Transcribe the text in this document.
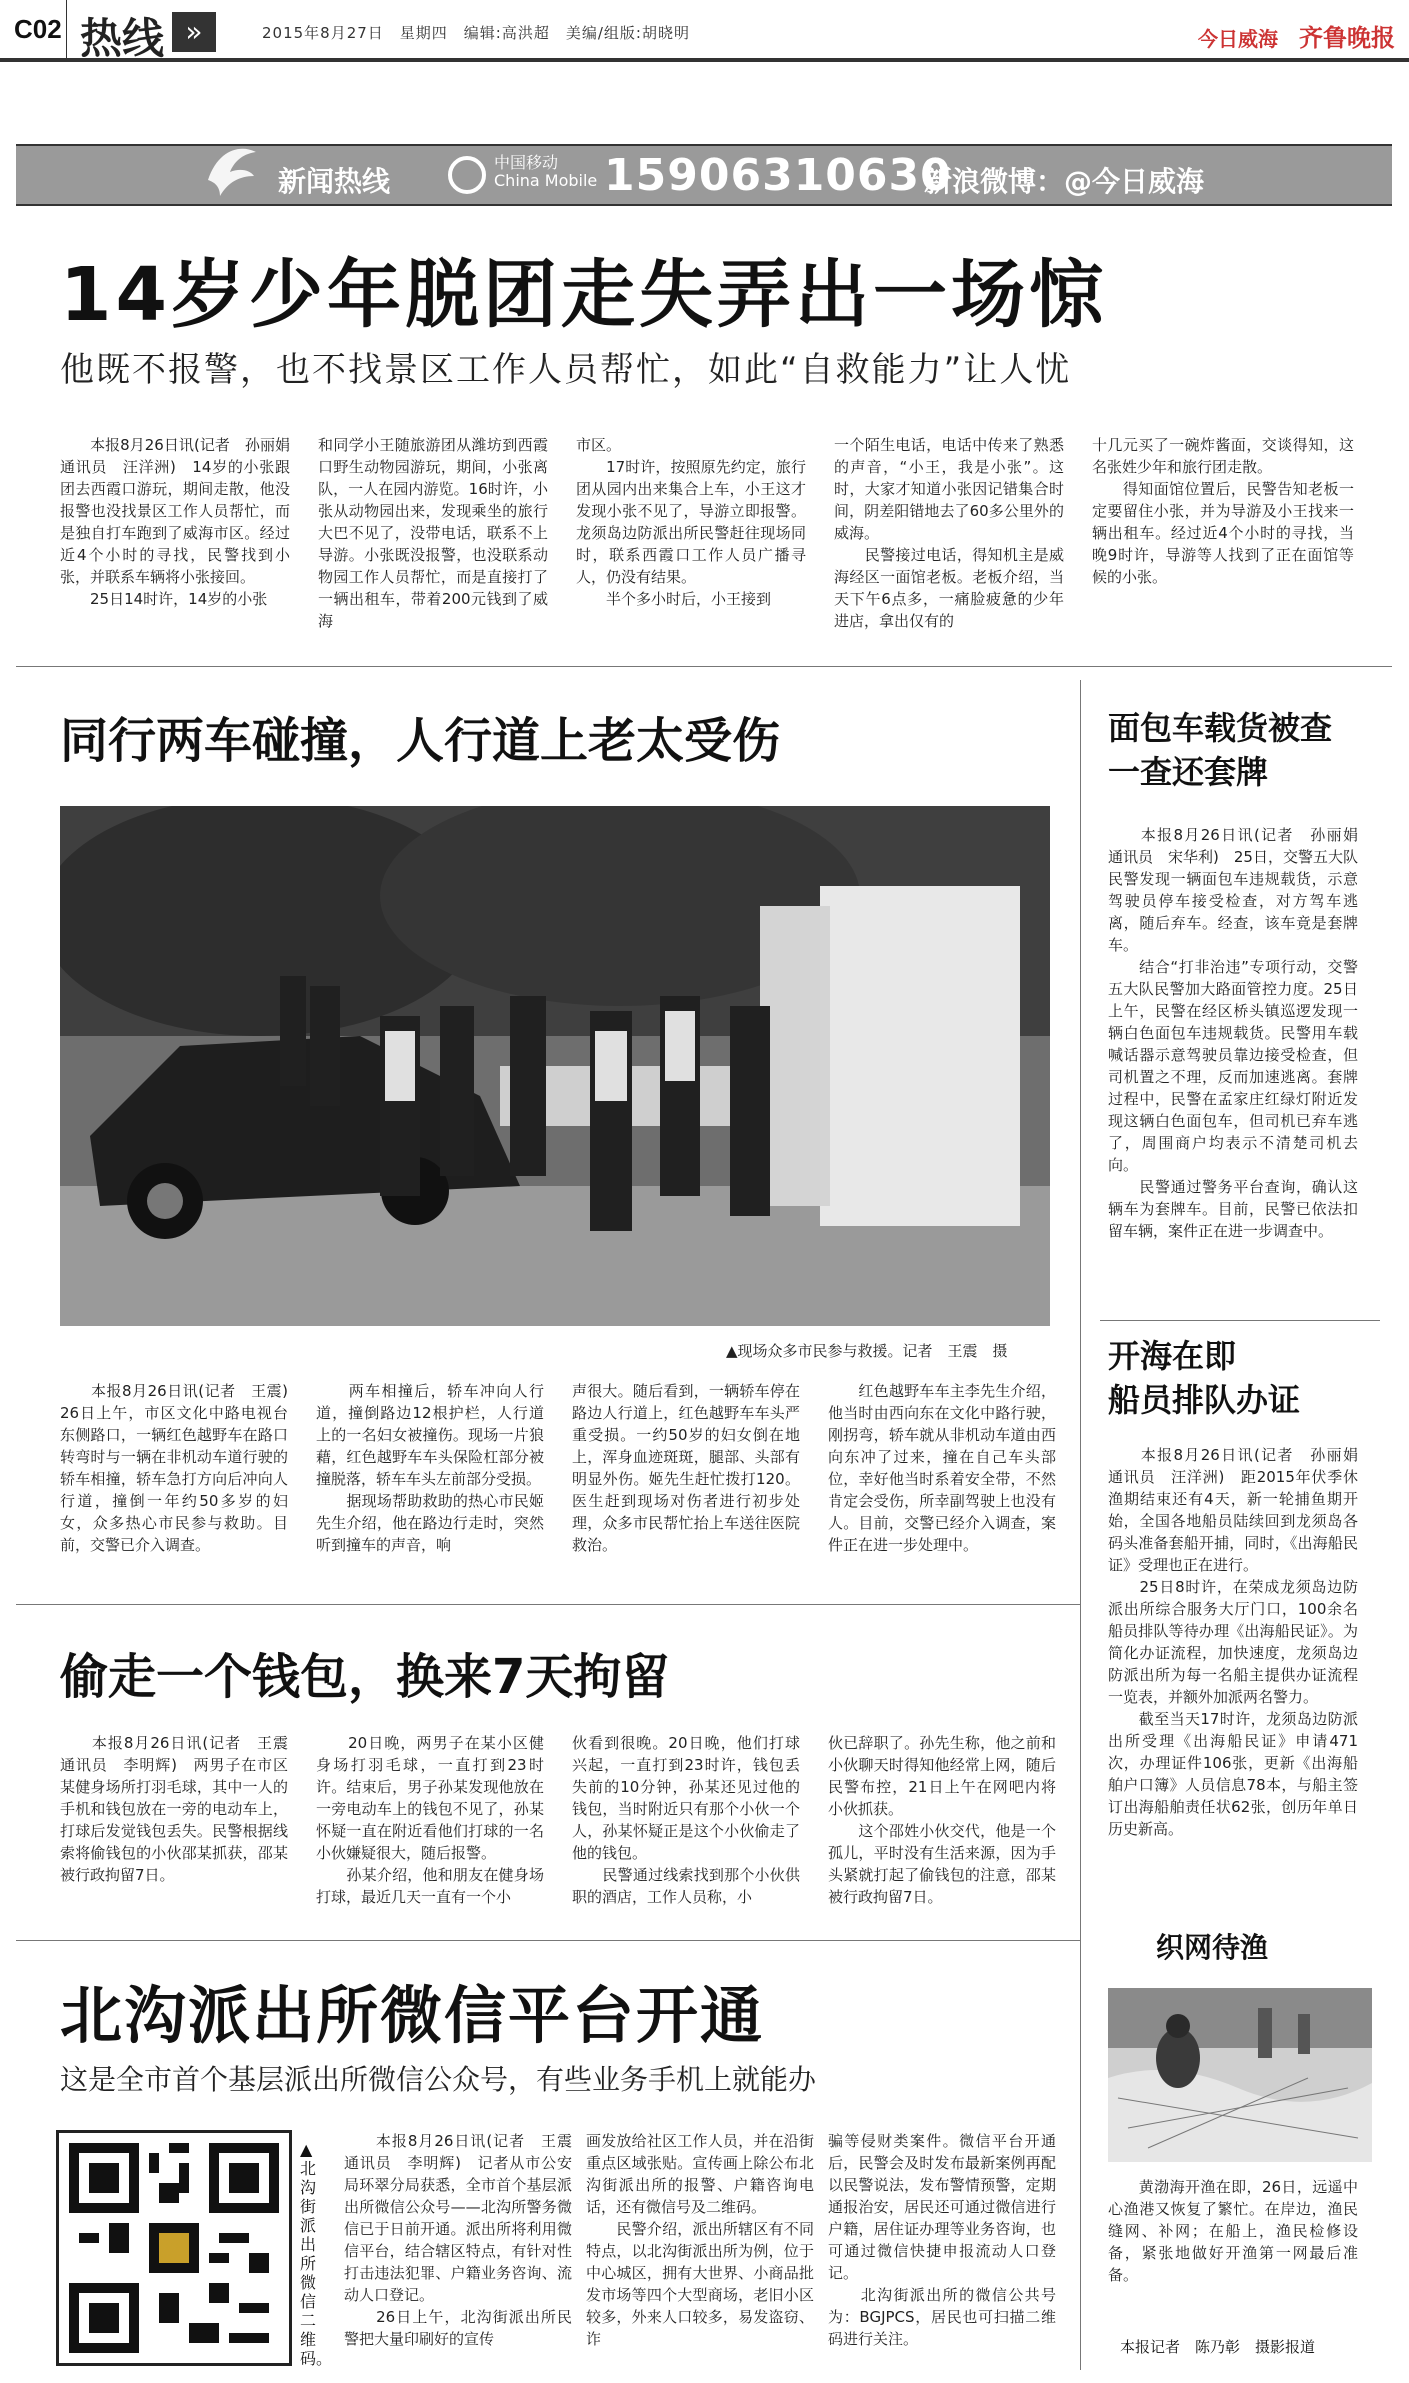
C02 热线 »	2015年8月27日　星期四　编辑:高洪超　美编/组版:胡晓明	今日威海 齐鲁晚报
新闻热线
中国移动
China Mobile 15906310630
新浪微博：@今日威海
14岁少年脱团走失弄出一场惊
他既不报警，也不找景区工作人员帮忙，如此“自救能力”让人忧
　　本报8月26日讯(记者　孙丽娟　通讯员　汪洋洲)　14岁的小张跟团去西霞口游玩，期间走散，他没报警也没找景区工作人员帮忙，而是独自打车跑到了威海市区。经过近4个小时的寻找，民警找到小张，并联系车辆将小张接回。
　　25日14时许，14岁的小张
和同学小王随旅游团从潍坊到西霞口野生动物园游玩，期间，小张离队，一人在园内游览。16时许，小张从动物园出来，发现乘坐的旅行大巴不见了，没带电话，联系不上导游。小张既没报警，也没联系动物园工作人员帮忙，而是直接打了一辆出租车，带着200元钱到了威海
市区。
　　17时许，按照原先约定，旅行团从园内出来集合上车，小王这才发现小张不见了，导游立即报警。龙须岛边防派出所民警赶往现场同时，联系西霞口工作人员广播寻人，仍没有结果。
　　半个多小时后，小王接到
一个陌生电话，电话中传来了熟悉的声音，“小王，我是小张”。这时，大家才知道小张因记错集合时间，阴差阳错地去了60多公里外的威海。
　　民警接过电话，得知机主是威海经区一面馆老板。老板介绍，当天下午6点多，一痛脸疲惫的少年进店，拿出仅有的
十几元买了一碗炸酱面，交谈得知，这名张姓少年和旅行团走散。
　　得知面馆位置后，民警告知老板一定要留住小张，并为导游及小王找来一辆出租车。经过近4个小时的寻找，当晚9时许，导游等人找到了正在面馆等候的小张。
同行两车碰撞，人行道上老太受伤
▲现场众多市民参与救援。记者　王震　摄
　　本报8月26日讯(记者　王震)　26日上午，市区文化中路电视台东侧路口，一辆红色越野车在路口转弯时与一辆在非机动车道行驶的轿车相撞，轿车急打方向后冲向人行道，撞倒一年约50多岁的妇女，众多热心市民参与救助。目前，交警已介入调查。
　　两车相撞后，轿车冲向人行道，撞倒路边12根护栏，人行道上的一名妇女被撞伤。现场一片狼藉，红色越野车车头保险杠部分被撞脱落，轿车车头左前部分受损。
　　据现场帮助救助的热心市民姬先生介绍，他在路边行走时，突然听到撞车的声音，响
声很大。随后看到，一辆轿车停在路边人行道上，红色越野车车头严重受损。一约50岁的妇女倒在地上，浑身血迹斑斑，腿部、头部有明显外伤。姬先生赶忙拨打120。医生赶到现场对伤者进行初步处理，众多市民帮忙抬上车送往医院救治。
　　红色越野车车主李先生介绍，他当时由西向东在文化中路行驶，刚拐弯，轿车就从非机动车道由西向东冲了过来，撞在自己车头部位，幸好他当时系着安全带，不然肯定会受伤，所幸副驾驶上也没有人。目前，交警已经介入调查，案件正在进一步处理中。
偷走一个钱包，换来7天拘留
　　本报8月26日讯(记者　王震　通讯员　李明辉)　两男子在市区某健身场所打羽毛球，其中一人的手机和钱包放在一旁的电动车上，打球后发觉钱包丢失。民警根据线索将偷钱包的小伙邵某抓获，邵某被行政拘留7日。
　　20日晚，两男子在某小区健身场打羽毛球，一直打到23时许。结束后，男子孙某发现他放在一旁电动车上的钱包不见了，孙某怀疑一直在附近看他们打球的一名小伙嫌疑很大，随后报警。
　　孙某介绍，他和朋友在健身场打球，最近几天一直有一个小
伙看到很晚。20日晚，他们打球兴起，一直打到23时许，钱包丢失前的10分钟，孙某还见过他的钱包，当时附近只有那个小伙一个人，孙某怀疑正是这个小伙偷走了他的钱包。
　　民警通过线索找到那个小伙供职的酒店，工作人员称，小
伙已辞职了。孙先生称，他之前和小伙聊天时得知他经常上网，随后民警布控，21日上午在网吧内将小伙抓获。
　　这个邵姓小伙交代，他是一个孤儿，平时没有生活来源，因为手头紧就打起了偷钱包的注意，邵某被行政拘留7日。
北沟派出所微信平台开通
这是全市首个基层派出所微信公众号，有些业务手机上就能办
▲北沟街派出所微信二维码。
　　本报8月26日讯(记者　王震　通讯员　李明辉)　记者从市公安局环翠分局获悉，全市首个基层派出所微信公众号——北沟所警务微信已于日前开通。派出所将利用微信平台，结合辖区特点，有针对性打击违法犯罪、户籍业务咨询、流动人口登记。
　　26日上午，北沟街派出所民警把大量印刷好的宣传
画发放给社区工作人员，并在沿街重点区域张贴。宣传画上除公布北沟街派出所的报警、户籍咨询电话，还有微信号及二维码。
　　民警介绍，派出所辖区有不同特点，以北沟街派出所为例，位于中心城区，拥有大世界、小商品批发市场等四个大型商场，老旧小区较多，外来人口较多，易发盗窃、诈
骗等侵财类案件。微信平台开通后，民警会及时发布最新案例再配以民警说法，发布警情预警，定期通报治安，居民还可通过微信进行户籍，居住证办理等业务咨询，也可通过微信快捷申报流动人口登记。
　　北沟街派出所的微信公共号为：BGJPCS，居民也可扫描二维码进行关注。
面包车载货被查
一查还套牌
　　本报8月26日讯(记者　孙丽娟　通讯员　宋华利)　25日，交警五大队民警发现一辆面包车违规载货，示意驾驶员停车接受检查，对方驾车逃离，随后弃车。经查，该车竟是套牌车。
　　结合“打非治违”专项行动，交警五大队民警加大路面管控力度。25日上午，民警在经区桥头镇巡逻发现一辆白色面包车违规载货。民警用车载喊话器示意驾驶员靠边接受检查，但司机置之不理，反而加速逃离。套牌过程中，民警在孟家庄红绿灯附近发现这辆白色面包车，但司机已弃车逃了，周围商户均表示不清楚司机去向。
　　民警通过警务平台查询，确认这辆车为套牌车。目前，民警已依法扣留车辆，案件正在进一步调查中。
开海在即
船员排队办证
　　本报8月26日讯(记者　孙丽娟　通讯员　汪洋洲)　距2015年伏季休渔期结束还有4天，新一轮捕鱼期开始，全国各地船员陆续回到龙须岛各码头准备套船开捕，同时，《出海船民证》受理也正在进行。
　　25日8时许，在荣成龙须岛边防派出所综合服务大厅门口，100余名船员排队等待办理《出海船民证》。为简化办证流程，加快速度，龙须岛边防派出所为每一名船主提供办证流程一览表，并额外加派两名警力。
　　截至当天17时许，龙须岛边防派出所受理《出海船民证》申请471次，办理证件106张，更新《出海船舶户口簿》人员信息78本，与船主签订出海船舶责任状62张，创历年单日历史新高。
织网待渔
　　黄渤海开渔在即，26日，远遥中心渔港又恢复了繁忙。在岸边，渔民缝网、补网；在船上，渔民检修设备，紧张地做好开渔第一网最后准备。
本报记者　陈乃彰　摄影报道
